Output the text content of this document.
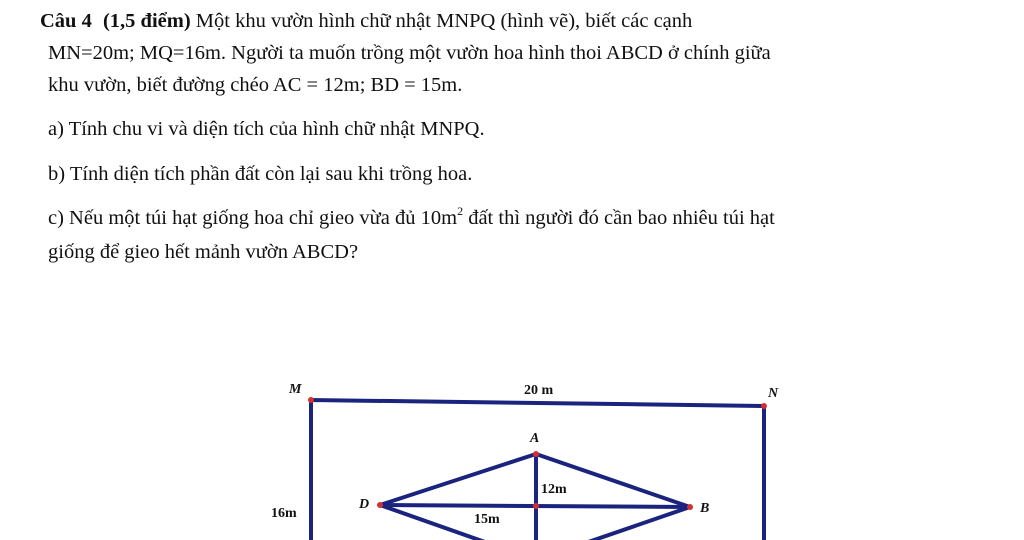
Câu 4 (1,5 điểm) Một khu vườn hình chữ nhật MNPQ (hình vẽ), biết các cạnh
MN=20m; MQ=16m. Người ta muốn trồng một vườn hoa hình thoi ABCD ở chính giữa
khu vườn, biết đường chéo AC = 12m; BD = 15m.
a) Tính chu vi và diện tích của hình chữ nhật MNPQ.
b) Tính diện tích phần đất còn lại sau khi trồng hoa.
c) Nếu một túi hạt giống hoa chỉ gieo vừa đủ $10m^2$ đất thì người đó cần bao nhiêu túi hạt
giống để gieo hết mảnh vườn ABCD?
M	20 m	N
A
12m
D
16m	15m
B
